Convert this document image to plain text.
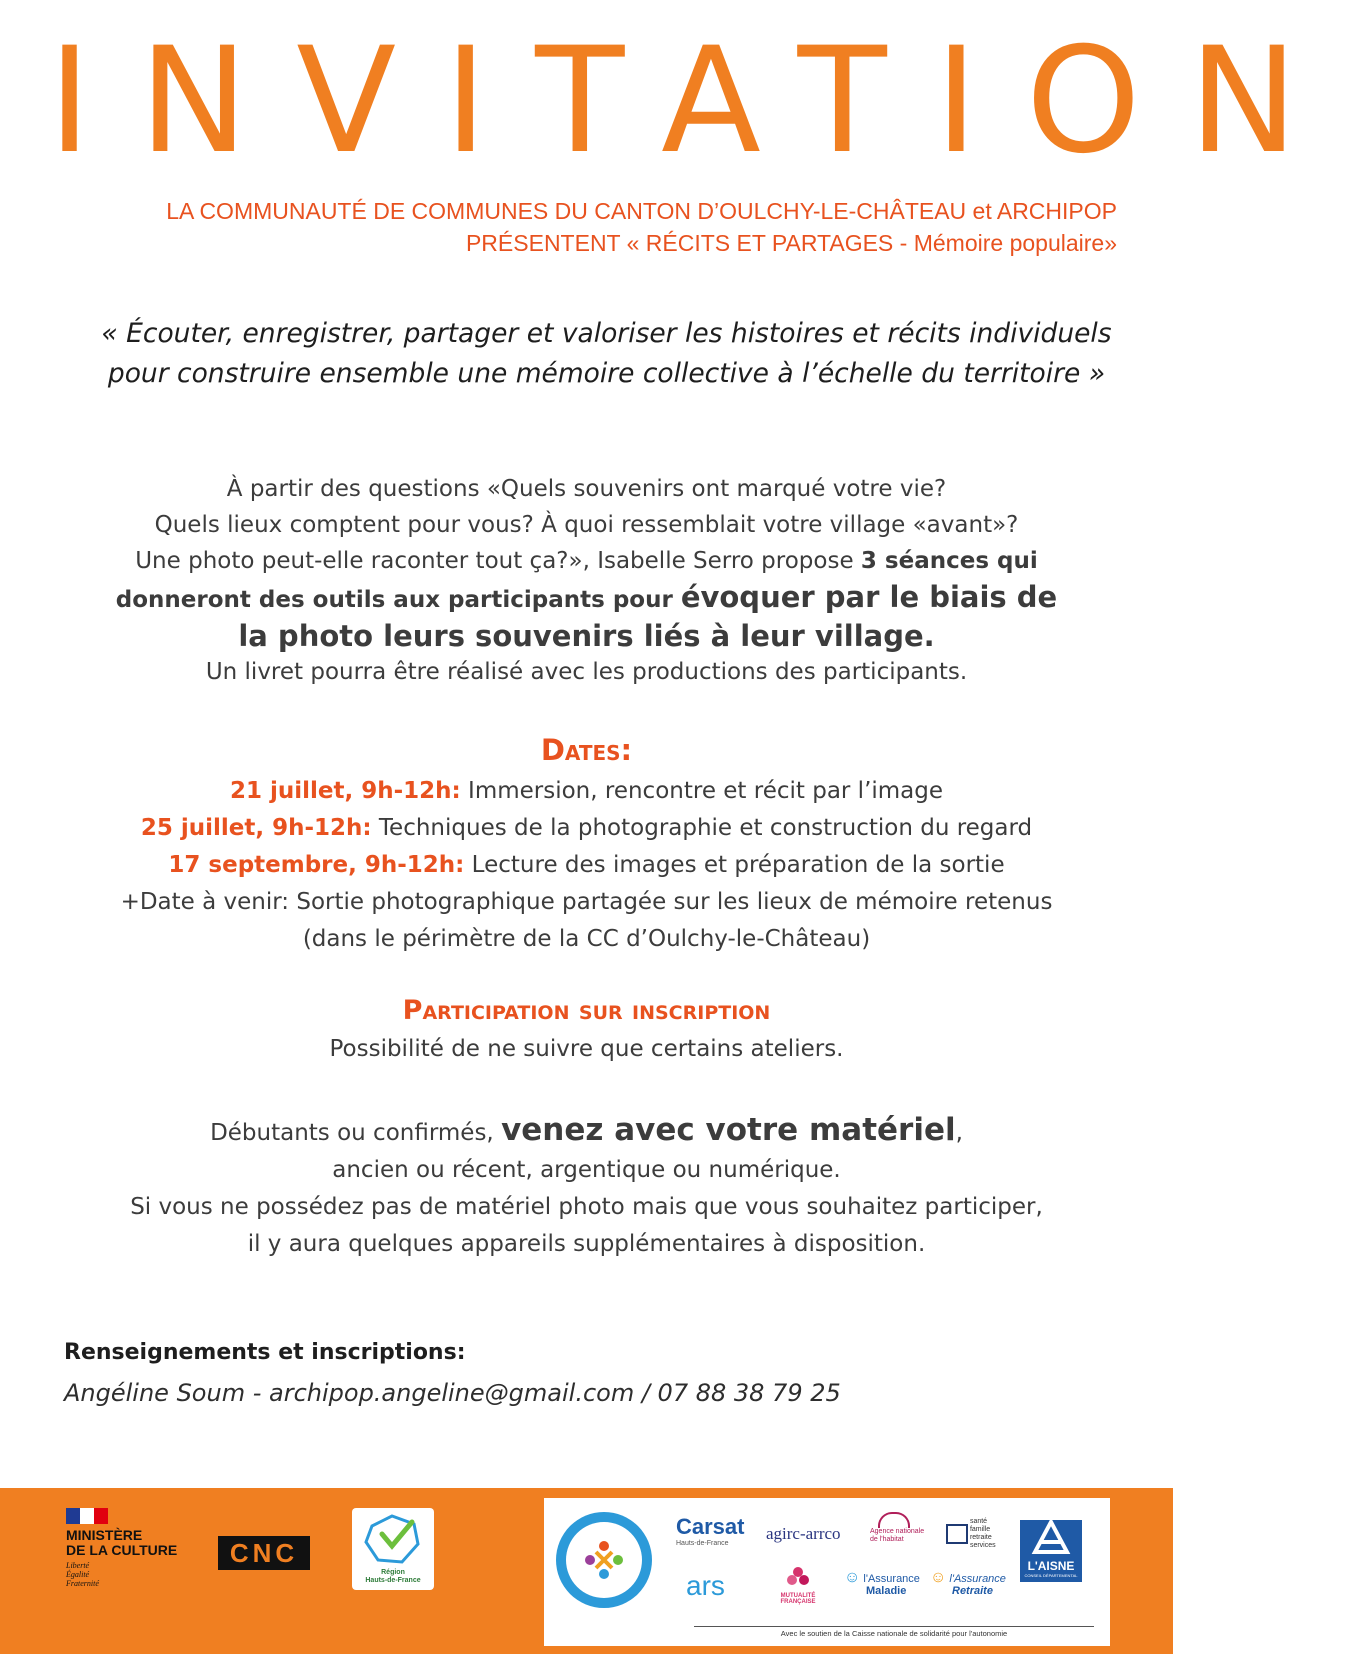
INVITATION
LA COMMUNAUTÉ DE COMMUNES DU CANTON D’OULCHY-LE-CHÂTEAU et ARCHIPOP
PRÉSENTENT « RÉCITS ET PARTAGES - Mémoire populaire»
« Écouter, enregistrer, partager et valoriser les histoires et récits individuels
pour construire ensemble une mémoire collective à l’échelle du territoire »
À partir des questions «Quels souvenirs ont marqué votre vie?
Quels lieux comptent pour vous? À quoi ressemblait votre village «avant»?
Une photo peut-elle raconter tout ça?», Isabelle Serro propose 3 séances qui
donneront des outils aux participants pour évoquer par le biais de
la photo leurs souvenirs liés à leur village.
Un livret pourra être réalisé avec les productions des participants.
Dates:
21 juillet, 9h-12h: Immersion, rencontre et récit par l’image
25 juillet, 9h-12h: Techniques de la photographie et construction du regard
17 septembre, 9h-12h: Lecture des images et préparation de la sortie
+Date à venir: Sortie photographique partagée sur les lieux de mémoire retenus
(dans le périmètre de la CC d’Oulchy-le-Château)
Participation sur inscription
Possibilité de ne suivre que certains ateliers.
Débutants ou confirmés, venez avec votre matériel,
ancien ou récent, argentique ou numérique.
Si vous ne possédez pas de matériel photo mais que vous souhaitez participer,
il y aura quelques appareils supplémentaires à disposition.
Renseignements et inscriptions:
Angéline Soum - archipop.angeline@gmail.com / 07 88 38 79 25
MINISTÈRE
DE LA CULTURE
Liberté
Égalité
Fraternité
CNC
Région
Hauts-de-France
Carsat
Hauts-de-France
agirc-arrco	Agence nationale de l'habitat
santé famille retraite services
L'AISNE
CONSEIL DÉPARTEMENTAL
ars	MUTUALITÉ FRANÇAISE
☺ l'Assurance
Maladie
☺ l'Assurance
Retraite
Avec le soutien de la Caisse nationale de solidarité pour l'autonomie
